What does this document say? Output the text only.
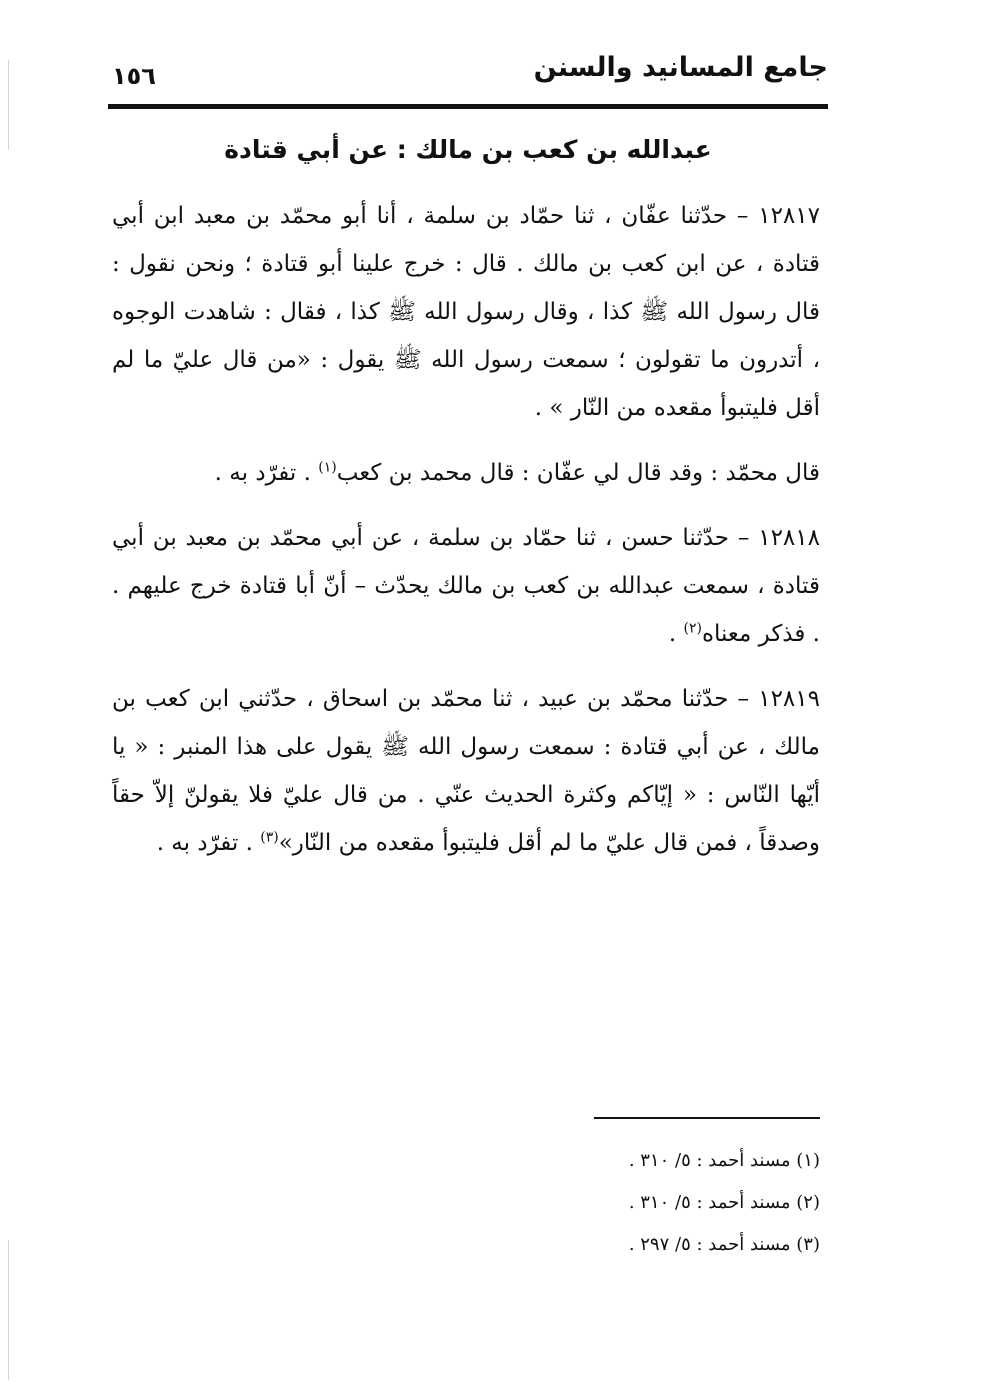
جامع المسانيد والسنن
١٥٦
عبدالله بن كعب بن مالك : عن أبي قتادة

١٢٨١٧ – حدّثنا عفّان ، ثنا حمّاد بن سلمة ، أنا أبو محمّد بن معبد ابن أبي قتادة ، عن ابن كعب بن مالك . قال : خرج علينا أبو قتادة ؛ ونحن نقول : قال رسول الله ﷺ كذا ، وقال رسول الله ﷺ كذا ، فقال : شاهدت الوجوه ، أتدرون ما تقولون ؛ سمعت رسول الله ﷺ يقول : «من قال عليّ ما لم أقل فليتبوأ مقعده من النّار » .

قال محمّد : وقد قال لي عفّان : قال محمد بن كعب$^{(١)}$ . تفرّد به .

١٢٨١٨ – حدّثنا حسن ، ثنا حمّاد بن سلمة ، عن أبي محمّد بن معبد بن أبي قتادة ، سمعت عبدالله بن كعب بن مالك يحدّث – أنّ أبا قتادة خرج عليهم . . فذكر معناه$^{(٢)}$ .

١٢٨١٩ – حدّثنا محمّد بن عبيد ، ثنا محمّد بن اسحاق ، حدّثني ابن كعب بن مالك ، عن أبي قتادة : سمعت رسول الله ﷺ يقول على هذا المنبر : « يا أيّها النّاس : « إيّاكم وكثرة الحديث عنّي . من قال عليّ فلا يقولنّ إلاّ حقاً وصدقاً ، فمن قال عليّ ما لم أقل فليتبوأ مقعده من النّار»$^{(٣)}$ . تفرّد به .

(١) مسند أحمد : ٥/ ٣١٠ .
(٢) مسند أحمد : ٥/ ٣١٠ .
(٣) مسند أحمد : ٥/ ٢٩٧ .
